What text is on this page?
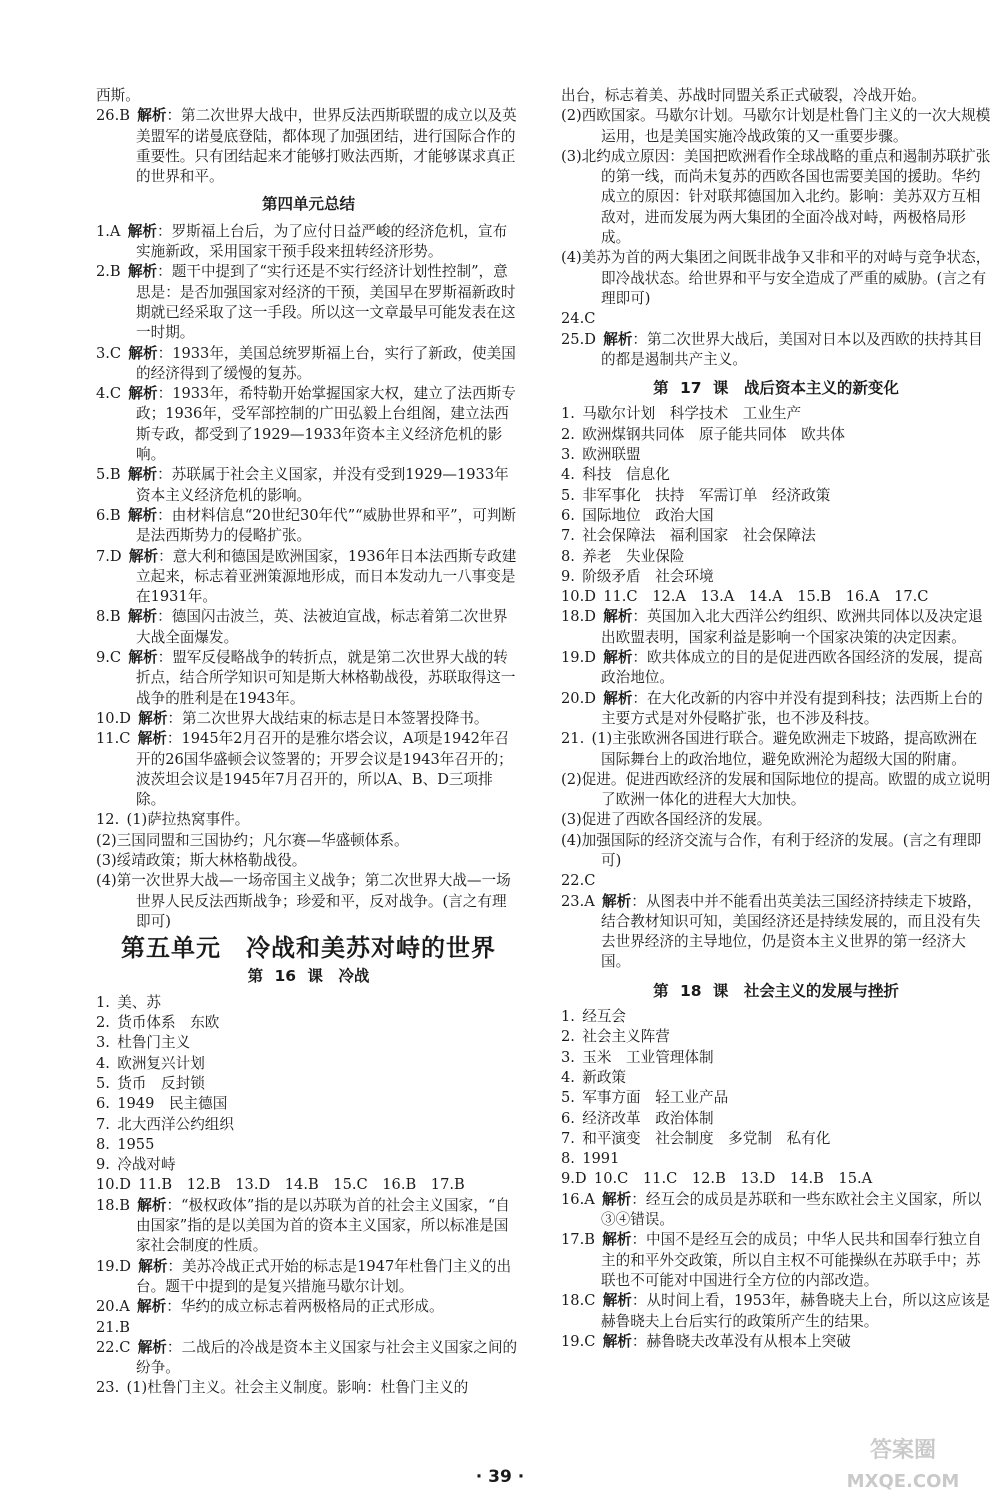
西斯。

26.B  解析：第二次世界大战中，世界反法西斯联盟的成立以及英美盟军的诺曼底登陆，都体现了加强团结，进行国际合作的重要性。只有团结起来才能够打败法西斯，才能够谋求真正的世界和平。

第四单元总结

1.A  解析：罗斯福上台后，为了应付日益严峻的经济危机，宣布实施新政，采用国家干预手段来扭转经济形势。

2.B  解析：题干中提到了“实行还是不实行经济计划性控制”，意思是：是否加强国家对经济的干预，美国早在罗斯福新政时期就已经采取了这一手段。所以这一文章最早可能发表在这一时期。

3.C  解析：1933年，美国总统罗斯福上台，实行了新政，使美国的经济得到了缓慢的复苏。

4.C  解析：1933年，希特勒开始掌握国家大权，建立了法西斯专政；1936年，受军部控制的广田弘毅上台组阁，建立法西斯专政，都受到了1929—1933年资本主义经济危机的影响。

5.B  解析：苏联属于社会主义国家，并没有受到1929—1933年资本主义经济危机的影响。

6.B  解析：由材料信息“20世纪30年代”“威胁世界和平”，可判断是法西斯势力的侵略扩张。

7.D  解析：意大利和德国是欧洲国家，1936年日本法西斯专政建立起来，标志着亚洲策源地形成，而日本发动九一八事变是在1931年。

8.B  解析：德国闪击波兰，英、法被迫宣战，标志着第二次世界大战全面爆发。

9.C  解析：盟军反侵略战争的转折点，就是第二次世界大战的转折点，结合所学知识可知是斯大林格勒战役，苏联取得这一战争的胜利是在1943年。

10.D  解析：第二次世界大战结束的标志是日本签署投降书。

11.C  解析：1945年2月召开的是雅尔塔会议，A项是1942年召开的26国华盛顿会议签署的；开罗会议是1943年召开的；波茨坦会议是1945年7月召开的，所以A、B、D三项排除。

12.  (1)萨拉热窝事件。

(2)三国同盟和三国协约；凡尔赛—华盛顿体系。

(3)绥靖政策；斯大林格勒战役。

(4)第一次世界大战—一场帝国主义战争；第二次世界大战—一场世界人民反法西斯战争；珍爱和平，反对战争。(言之有理即可)

第五单元　冷战和美苏对峙的世界
第 16 课　冷战

1.  美、苏

2.  货币体系　东欧

3.  杜鲁门主义

4.  欧洲复兴计划

5.  货币　反封锁

6.  1949　民主德国

7.  北大西洋公约组织

8.  1955

9.  冷战对峙

10.D  11.B　12.B　13.D　14.B　15.C　16.B　17.B

18.B  解析：“极权政体”指的是以苏联为首的社会主义国家，“自由国家”指的是以美国为首的资本主义国家，所以标准是国家社会制度的性质。

19.D  解析：美苏冷战正式开始的标志是1947年杜鲁门主义的出台。题干中提到的是复兴措施马歇尔计划。

20.A  解析：华约的成立标志着两极格局的正式形成。

21.B

22.C  解析：二战后的冷战是资本主义国家与社会主义国家之间的纷争。

23.  (1)杜鲁门主义。社会主义制度。影响：杜鲁门主义的

出台，标志着美、苏战时同盟关系正式破裂，冷战开始。

(2)西欧国家。马歇尔计划。马歇尔计划是杜鲁门主义的一次大规模运用，也是美国实施冷战政策的又一重要步骤。

(3)北约成立原因：美国把欧洲看作全球战略的重点和遏制苏联扩张的第一线，而尚未复苏的西欧各国也需要美国的援助。华约成立的原因：针对联邦德国加入北约。影响：美苏双方互相敌对，进而发展为两大集团的全面冷战对峙，两极格局形成。

(4)美苏为首的两大集团之间既非战争又非和平的对峙与竞争状态，即冷战状态。给世界和平与安全造成了严重的威胁。(言之有理即可)

24.C

25.D  解析：第二次世界大战后，美国对日本以及西欧的扶持其目的都是遏制共产主义。

第 17 课　战后资本主义的新变化

1.  马歇尔计划　科学技术　工业生产

2.  欧洲煤钢共同体　原子能共同体　欧共体

3.  欧洲联盟

4.  科技　信息化

5.  非军事化　扶持　军需订单　经济政策

6.  国际地位　政治大国

7.  社会保障法　福利国家　社会保障法

8.  养老　失业保险

9.  阶级矛盾　社会环境

10.D  11.C　12.A　13.A　14.A　15.B　16.A　17.C

18.D  解析：英国加入北大西洋公约组织、欧洲共同体以及决定退出欧盟表明，国家利益是影响一个国家决策的决定因素。

19.D  解析：欧共体成立的目的是促进西欧各国经济的发展，提高政治地位。

20.D  解析：在大化改新的内容中并没有提到科技；法西斯上台的主要方式是对外侵略扩张，也不涉及科技。

21.  (1)主张欧洲各国进行联合。避免欧洲走下坡路，提高欧洲在国际舞台上的政治地位，避免欧洲沦为超级大国的附庸。

(2)促进。促进西欧经济的发展和国际地位的提高。欧盟的成立说明了欧洲一体化的进程大大加快。

(3)促进了西欧各国经济的发展。

(4)加强国际的经济交流与合作，有利于经济的发展。(言之有理即可)

22.C

23.A  解析：从图表中并不能看出英美法三国经济持续走下坡路，结合教材知识可知，美国经济还是持续发展的，而且没有失去世界经济的主导地位，仍是资本主义世界的第一经济大国。

第 18 课　社会主义的发展与挫折

1.  经互会

2.  社会主义阵营

3.  玉米　工业管理体制

4.  新政策

5.  军事方面　轻工业产品

6.  经济改革　政治体制

7.  和平演变　社会制度　多党制　私有化

8.  1991

9.D  10.C　11.C　12.B　13.D　14.B　15.A

16.A  解析：经互会的成员是苏联和一些东欧社会主义国家，所以③④错误。

17.B  解析：中国不是经互会的成员；中华人民共和国奉行独立自主的和平外交政策，所以自主权不可能操纵在苏联手中；苏联也不可能对中国进行全方位的内部改造。

18.C  解析：从时间上看，1953年，赫鲁晓夫上台，所以这应该是赫鲁晓夫上台后实行的政策所产生的结果。

19.C  解析：赫鲁晓夫改革没有从根本上突破

· 39 ·
答案圈
MXQE.COM
